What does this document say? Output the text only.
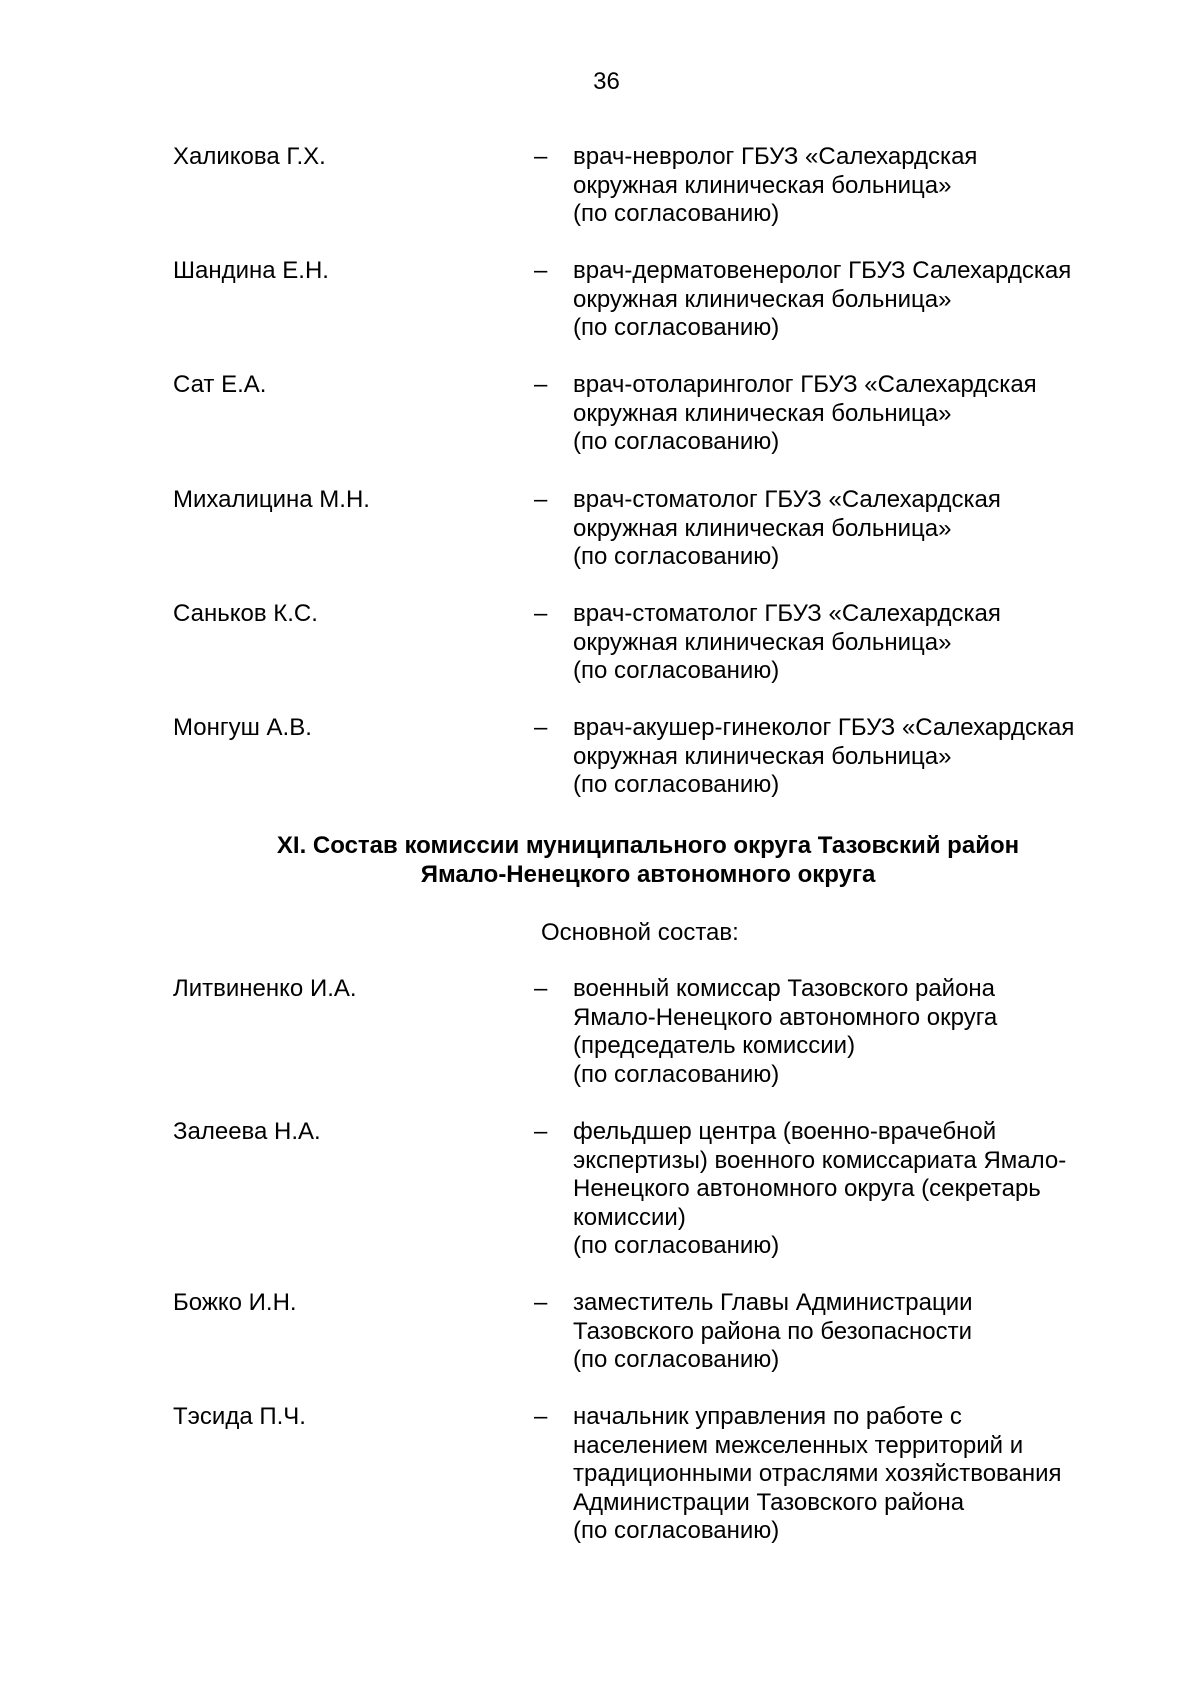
36
Халикова Г.Х.	– врач-невролог ГБУЗ «Салехардская
окружная клиническая больница»
(по согласованию)
Шандина Е.Н.	– врач-дерматовенеролог ГБУЗ Салехардская
окружная клиническая больница»
(по согласованию)
Сат Е.А.	– врач-отоларинголог ГБУЗ «Салехардская
окружная клиническая больница»
(по согласованию)
Михалицина М.Н.	– врач-стоматолог ГБУЗ «Салехардская
окружная клиническая больница»
(по согласованию)
Саньков К.С.	– врач-стоматолог ГБУЗ «Салехардская
окружная клиническая больница»
(по согласованию)
Монгуш А.В.	– врач-акушер-гинеколог ГБУЗ «Салехардская
окружная клиническая больница»
(по согласованию)
XI. Состав комиссии муниципального округа Тазовский район
Ямало-Ненецкого автономного округа
Основной состав:
Литвиненко И.А.	– военный комиссар Тазовского района
Ямало-Ненецкого автономного округа
(председатель комиссии)
(по согласованию)
Залеева Н.А.	– фельдшер центра (военно-врачебной
экспертизы) военного комиссариата Ямало-
Ненецкого автономного округа (секретарь
комиссии)
(по согласованию)
Божко И.Н.	– заместитель Главы Администрации
Тазовского района по безопасности
(по согласованию)
Тэсида П.Ч.	– начальник управления по работе с
населением межселенных территорий и
традиционными отраслями хозяйствования
Администрации Тазовского района
(по согласованию)
